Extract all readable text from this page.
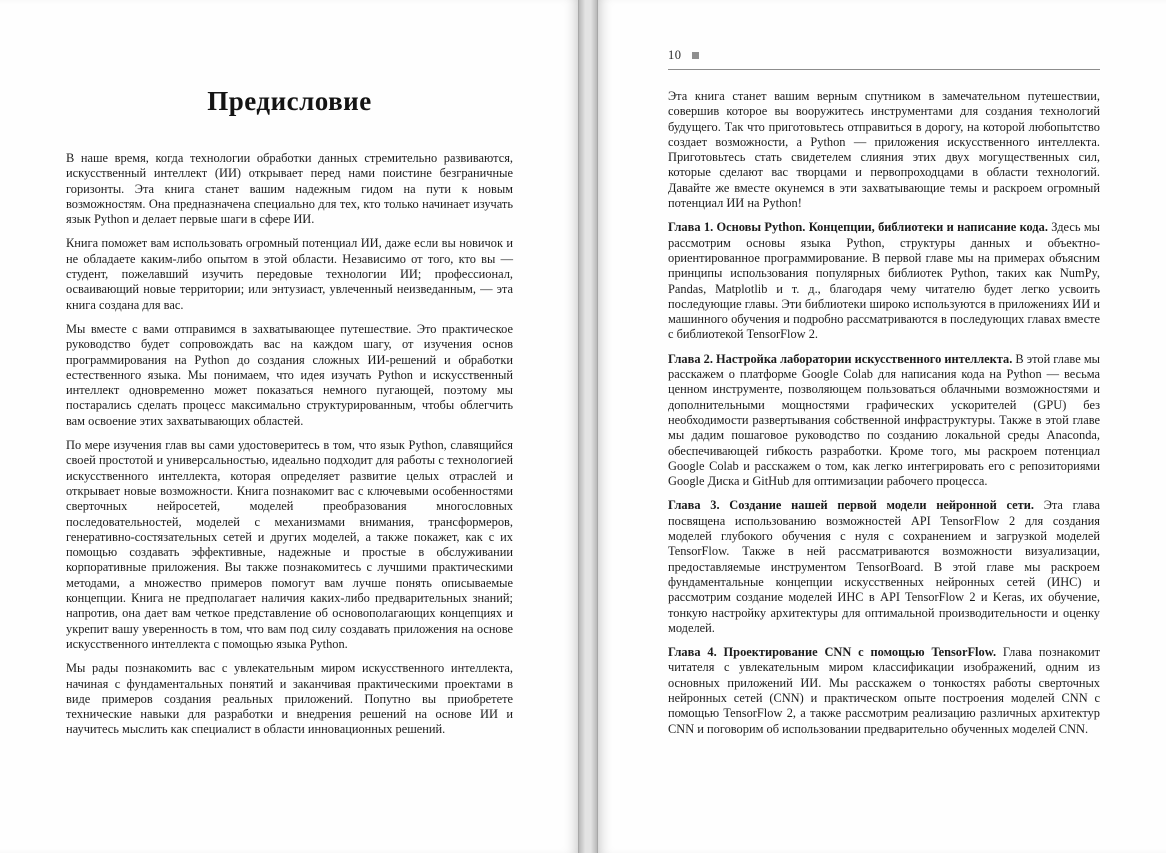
Предисловие

В наше время, когда технологии обработки данных стремительно развиваются, искусственный интеллект (ИИ) открывает перед нами поистине безграничные горизонты. Эта книга станет вашим надежным гидом на пути к новым возможностям. Она предназначена специально для тех, кто только начинает изучать язык Python и делает первые шаги в сфере ИИ.

Книга поможет вам использовать огромный потенциал ИИ, даже если вы новичок и не обладаете каким-либо опытом в этой области. Независимо от того, кто вы — студент, пожелавший изучить передовые технологии ИИ; профессионал, осваивающий новые территории; или энтузиаст, увлеченный неизведанным, — эта книга создана для вас.

Мы вместе с вами отправимся в захватывающее путешествие. Это практическое руководство будет сопровождать вас на каждом шагу, от изучения основ программирования на Python до создания сложных ИИ-решений и обработки естественного языка. Мы понимаем, что идея изучать Python и искусственный интеллект одновременно может показаться немного пугающей, поэтому мы постарались сделать процесс максимально структурированным, чтобы облегчить вам освоение этих захватывающих областей.

По мере изучения глав вы сами удостоверитесь в том, что язык Python, славящийся своей простотой и универсальностью, идеально подходит для работы с технологией искусственного интеллекта, которая определяет развитие целых отраслей и открывает новые возможности. Книга познакомит вас с ключевыми особенностями сверточных нейросетей, моделей преобразования многословных последовательностей, моделей с механизмами внимания, трансформеров, генеративно-состязательных сетей и других моделей, а также покажет, как с их помощью создавать эффективные, надежные и простые в обслуживании корпоративные приложения. Вы также познакомитесь с лучшими практическими методами, а множество примеров помогут вам лучше понять описываемые концепции. Книга не предполагает наличия каких-либо предварительных знаний; напротив, она дает вам четкое представление об основополагающих концепциях и укрепит вашу уверенность в том, что вам под силу создавать приложения на основе искусственного интеллекта с помощью языка Python.

Мы рады познакомить вас с увлекательным миром искусственного интеллекта, начиная с фундаментальных понятий и заканчивая практическими проектами в виде примеров создания реальных приложений. Попутно вы приобретете технические навыки для разработки и внедрения решений на основе ИИ и научитесь мыслить как специалист в области инновационных решений.

10

Эта книга станет вашим верным спутником в замечательном путешествии, совершив которое вы вооружитесь инструментами для создания технологий будущего. Так что приготовьтесь отправиться в дорогу, на которой любопытство создает возможности, а Python — приложения искусственного интеллекта. Приготовьтесь стать свидетелем слияния этих двух могущественных сил, которые сделают вас творцами и первопроходцами в области технологий. Давайте же вместе окунемся в эти захватывающие темы и раскроем огромный потенциал ИИ на Python!

Глава 1. Основы Python. Концепции, библиотеки и написание кода. Здесь мы рассмотрим основы языка Python, структуры данных и объектно-ориентированное программирование. В первой главе мы на примерах объясним принципы использования популярных библиотек Python, таких как NumPy, Pandas, Matplotlib и т. д., благодаря чему читателю будет легко усвоить последующие главы. Эти библиотеки широко используются в приложениях ИИ и машинного обучения и подробно рассматриваются в последующих главах вместе с библиотекой TensorFlow 2.

Глава 2. Настройка лаборатории искусственного интеллекта. В этой главе мы расскажем о платформе Google Colab для написания кода на Python — весьма ценном инструменте, позволяющем пользоваться облачными возможностями и дополнительными мощностями графических ускорителей (GPU) без необходимости развертывания собственной инфраструктуры. Также в этой главе мы дадим пошаговое руководство по созданию локальной среды Anaconda, обеспечивающей гибкость разработки. Кроме того, мы раскроем потенциал Google Colab и расскажем о том, как легко интегрировать его с репозиториями Google Диска и GitHub для оптимизации рабочего процесса.

Глава 3. Создание нашей первой модели нейронной сети. Эта глава посвящена использованию возможностей API TensorFlow 2 для создания моделей глубокого обучения с нуля с сохранением и загрузкой моделей TensorFlow. Также в ней рассматриваются возможности визуализации, предоставляемые инструментом TensorBoard. В этой главе мы раскроем фундаментальные концепции искусственных нейронных сетей (ИНС) и рассмотрим создание моделей ИНС в API TensorFlow 2 и Keras, их обучение, тонкую настройку архитектуры для оптимальной производительности и оценку моделей.

Глава 4. Проектирование CNN с помощью TensorFlow. Глава познакомит читателя с увлекательным миром классификации изображений, одним из основных приложений ИИ. Мы расскажем о тонкостях работы сверточных нейронных сетей (CNN) и практическом опыте построения моделей CNN с помощью TensorFlow 2, а также рассмотрим реализацию различных архитектур CNN и поговорим об использовании предварительно обученных моделей CNN.
